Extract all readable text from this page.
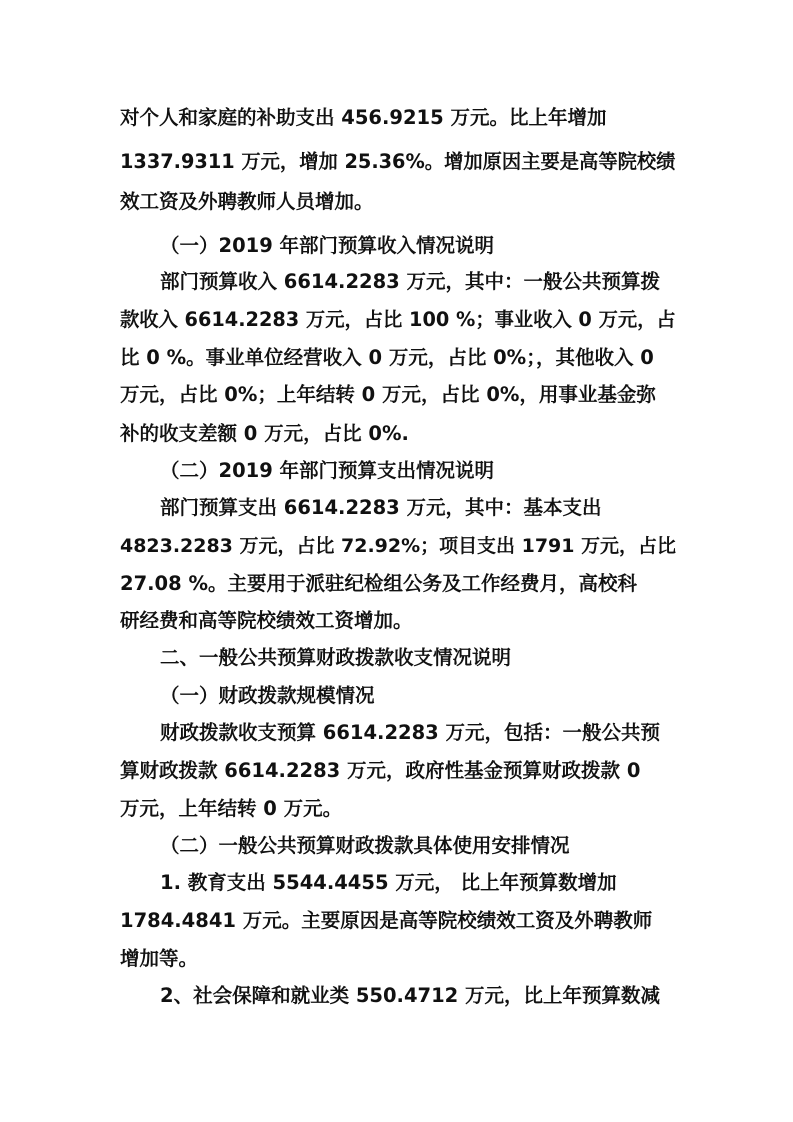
对个人和家庭的补助支出 456.9215 万元。比上年增加
1337.9311 万元，增加 25.36%。增加原因主要是高等院校绩
效工资及外聘教师人员增加。
（一）2019 年部门预算收入情况说明
部门预算收入 6614.2283 万元，其中：一般公共预算拨
款收入 6614.2283 万元，占比 100 %；事业收入 0 万元，占
比 0 %。事业单位经营收入 0 万元，占比 0%；，其他收入 0
万元，占比 0%；上年结转 0 万元，占比 0%，用事业基金弥
补的收支差额 0 万元，占比 0%.
（二）2019 年部门预算支出情况说明
部门预算支出 6614.2283 万元，其中：基本支出
4823.2283 万元，占比 72.92%；项目支出 1791 万元，占比
27.08 %。主要用于派驻纪检组公务及工作经费月，高校科
研经费和高等院校绩效工资增加。
二、一般公共预算财政拨款收支情况说明
（一）财政拨款规模情况
财政拨款收支预算 6614.2283 万元，包括：一般公共预
算财政拨款 6614.2283 万元，政府性基金预算财政拨款 0
万元，上年结转 0 万元。
（二）一般公共预算财政拨款具体使用安排情况
1. 教育支出 5544.4455 万元， 比上年预算数增加
1784.4841 万元。主要原因是高等院校绩效工资及外聘教师
增加等。
2、社会保障和就业类 550.4712 万元，比上年预算数减
